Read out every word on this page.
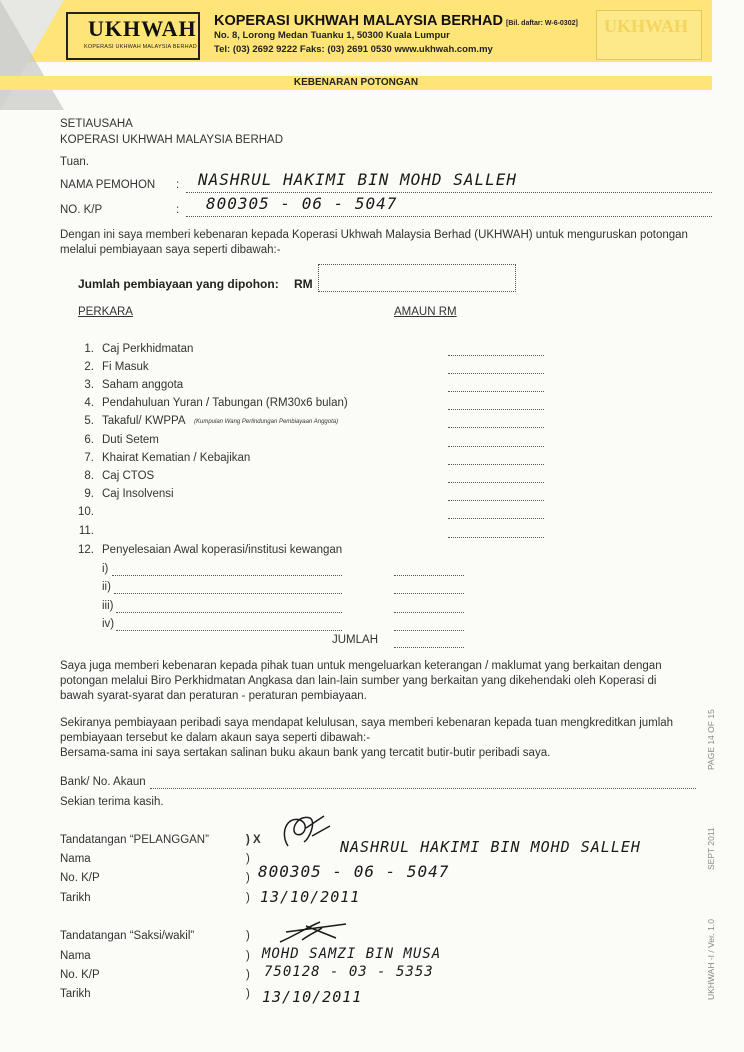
UKHWAH
KOPERASI UKHWAH MALAYSIA BERHAD
KOPERASI UKHWAH MALAYSIA BERHAD [Bil. daftar: W-6-0302]
No. 8, Lorong Medan Tuanku 1, 50300 Kuala Lumpur
Tel: (03) 2692 9222 Faks: (03) 2691 0530 www.ukhwah.com.my
UKHWAH
KEBENARAN POTONGAN
SETIAUSAHA
KOPERASI UKHWAH MALAYSIA BERHAD
Tuan.
NAMA PEMOHON : NASHRUL HAKIMI BIN MOHD SALLEH
NO. K/P	: 800305 - 06 - 5047
Dengan ini saya memberi kebenaran kepada Koperasi Ukhwah Malaysia Berhad (UKHWAH) untuk menguruskan potongan
melalui pembiayaan saya seperti dibawah:-
Jumlah pembiayaan yang dipohon: RM
PERKARA	AMAUN RM
1. Caj Perkhidmatan
2. Fi Masuk
3. Saham anggota
4. Pendahuluan Yuran / Tabungan (RM30x6 bulan)
5. Takaful/ KWPPA (Kumpulan Wang Perlindungan Pembiayaan Anggota)
6. Duti Setem
7. Khairat Kematian / Kebajikan
8. Caj CTOS
9. Caj Insolvensi
10.
11.
12. Penyelesaian Awal koperasi/institusi kewangan
i)
ii)
iii)
iv)
JUMLAH
Saya juga memberi kebenaran kepada pihak tuan untuk mengeluarkan keterangan / maklumat yang berkaitan dengan
potongan melalui Biro Perkhidmatan Angkasa dan lain-lain sumber yang berkaitan yang dikehendaki oleh Koperasi di
bawah syarat-syarat dan peraturan - peraturan pembiayaan.
Sekiranya pembiayaan peribadi saya mendapat kelulusan, saya memberi kebenaran kepada tuan mengkreditkan jumlah
pembiayaan tersebut ke dalam akaun saya seperti dibawah:-
Bersama-sama ini saya sertakan salinan buku akaun bank yang tercatit butir-butir peribadi saya.
Bank/ No. Akaun
Sekian terima kasih.
Tandatangan “PELANGGAN”	) X	NASHRUL HAKIMI BIN MOHD SALLEH
Nama	)
No. K/P	) 800305 - 06 - 5047
Tarikh	) 13/10/2011
Tandatangan “Saksi/wakil”	)
Nama	) MOHD SAMZI BIN MUSA
No. K/P	) 750128 - 03 - 5353
Tarikh	) 13/10/2011
PAGE 14 OF 15
SEPT 2011
UKHWAH -I / Ver. 1.0
